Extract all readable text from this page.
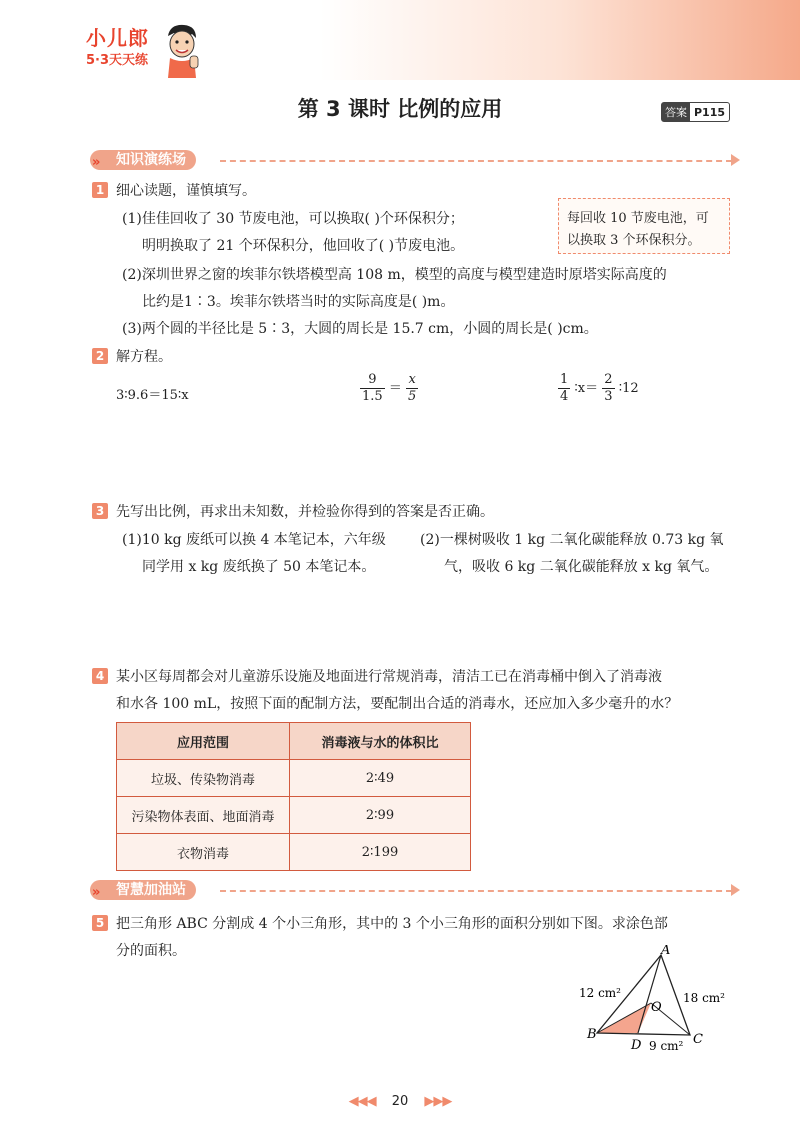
小儿郎
5·3天天练
第 3 课时 比例的应用	答案 P115
» 知识演练场
1 细心读题，谨慎填写。
(1)佳佳回收了 30 节废电池，可以换取( )个环保积分；
明明换取了 21 个环保积分，他回收了( )节废电池。
每回收 10 节废电池，可
以换取 3 个环保积分。
(2)深圳世界之窗的埃菲尔铁塔模型高 108 m，模型的高度与模型建造时原塔实际高度的
比约是1∶3。埃菲尔铁塔当时的实际高度是( )m。
(3)两个圆的半径比是 5∶3，大圆的周长是 15.7 cm，小圆的周长是( )cm。
2 解方程。
3∶9.6＝15∶x	$\frac{9}{1.5} = \frac{x}{5}$	$\frac{1}{4}$ ∶x＝ $\frac{2}{3}$ ∶12
3 先写出比例，再求出未知数，并检验你得到的答案是否正确。
(1)10 kg 废纸可以换 4 本笔记本，六年级
同学用 x kg 废纸换了 50 本笔记本。
(2)一棵树吸收 1 kg 二氧化碳能释放 0.73 kg 氧
气，吸收 6 kg 二氧化碳能释放 x kg 氧气。
4 某小区每周都会对儿童游乐设施及地面进行常规消毒，清洁工已在消毒桶中倒入了消毒液
和水各 100 mL，按照下面的配制方法，要配制出合适的消毒水，还应加入多少毫升的水？
应用范围	消毒液与水的体积比
垃圾、传染物消毒	2∶49
污染物体表面、地面消毒	2∶99
衣物消毒	2∶199
» 智慧加油站
5 把三角形 ABC 分割成 4 个小三角形，其中的 3 个小三角形的面积分别如下图。求涂色部
分的面积。	A
B	C
D
O
12 cm²	18 cm²
9 cm²
◀◀◀ 20 ▶▶▶
